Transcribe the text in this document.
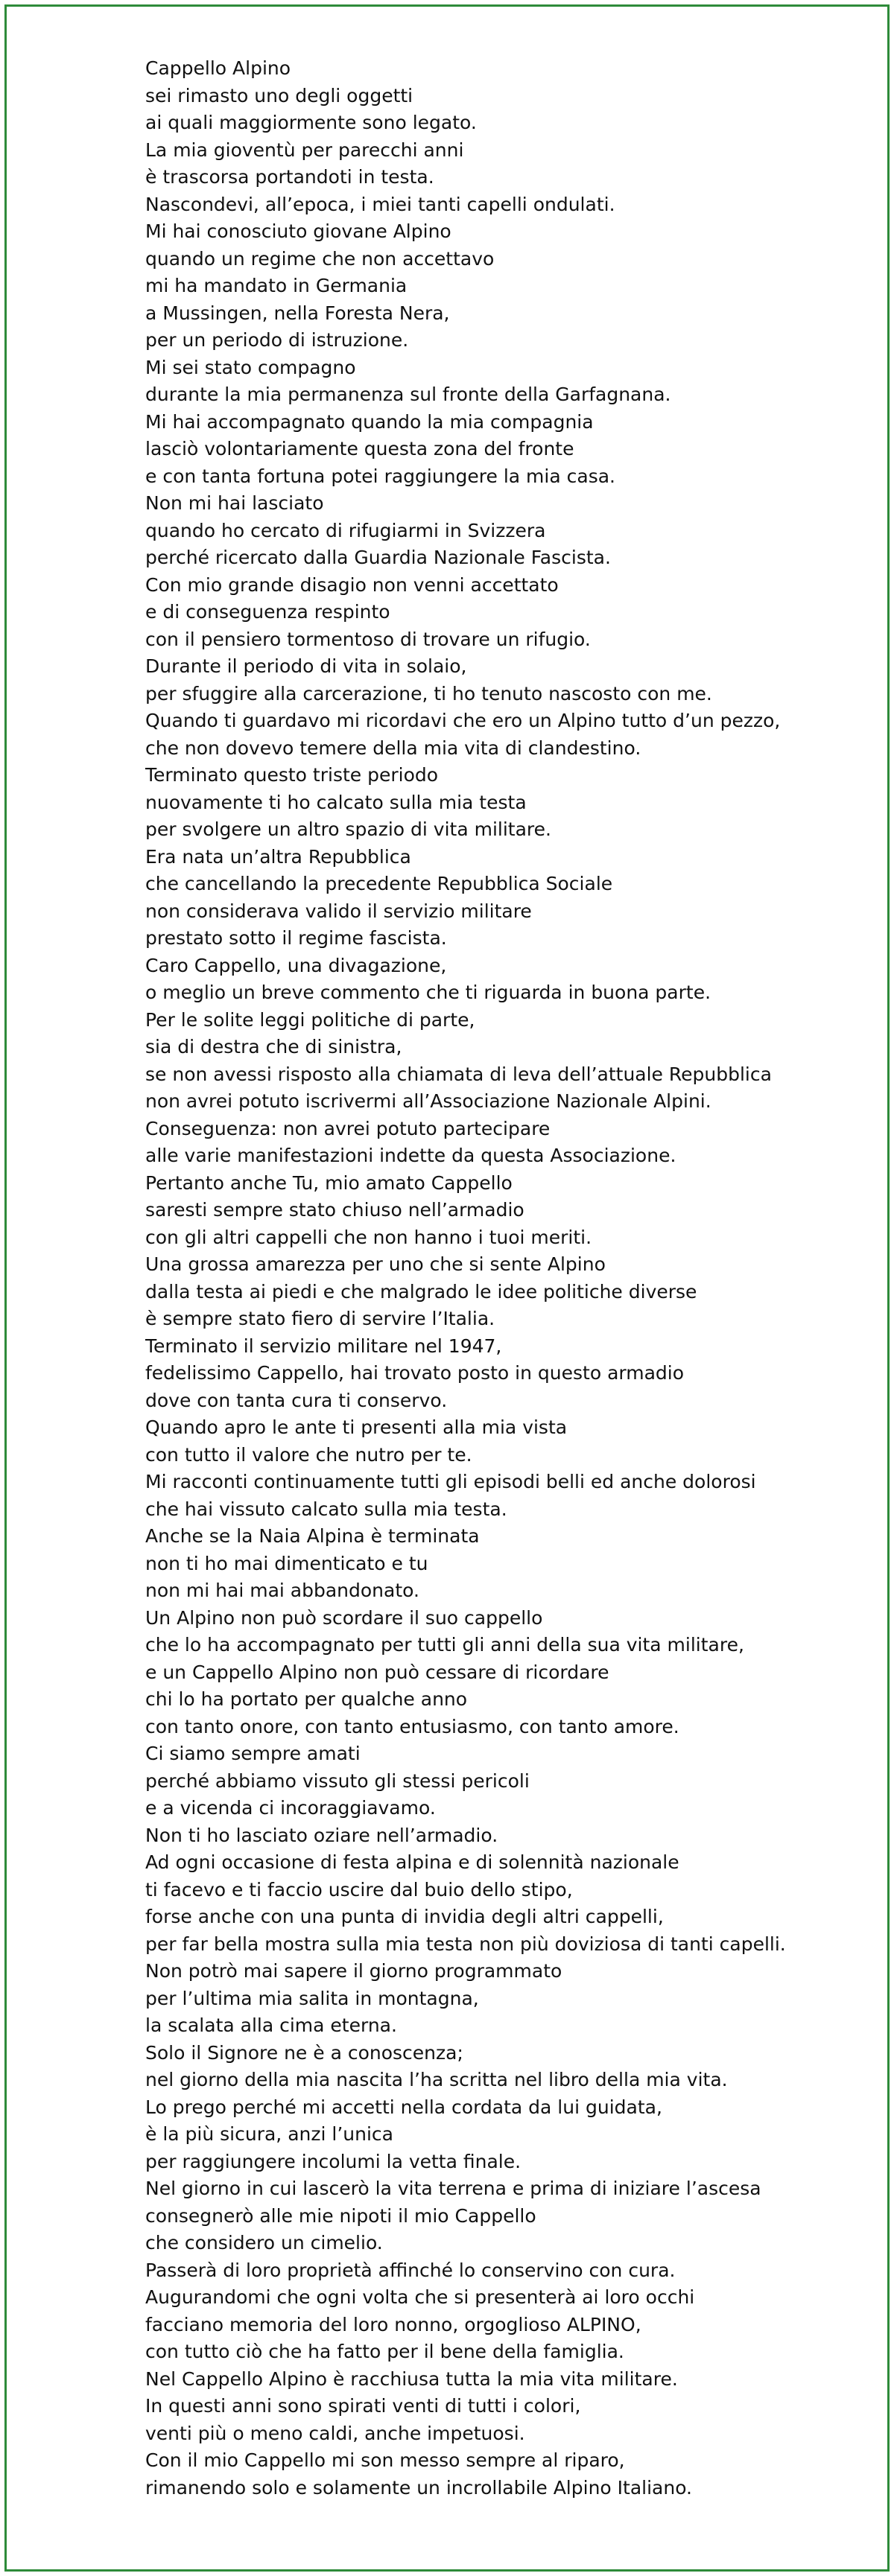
Cappello Alpino
sei rimasto uno degli oggetti
ai quali maggiormente sono legato.
La mia gioventù per parecchi anni
è trascorsa portandoti in testa.
Nascondevi, all’epoca, i miei tanti capelli ondulati.
Mi hai conosciuto giovane Alpino
quando un regime che non accettavo
mi ha mandato in Germania
a Mussingen, nella Foresta Nera,
per un periodo di istruzione.
Mi sei stato compagno
durante la mia permanenza sul fronte della Garfagnana.
Mi hai accompagnato quando la mia compagnia
lasciò volontariamente questa zona del fronte
e con tanta fortuna potei raggiungere la mia casa.
Non mi hai lasciato
quando ho cercato di rifugiarmi in Svizzera
perché ricercato dalla Guardia Nazionale Fascista.
Con mio grande disagio non venni accettato
e di conseguenza respinto
con il pensiero tormentoso di trovare un rifugio.
Durante il periodo di vita in solaio,
per sfuggire alla carcerazione, ti ho tenuto nascosto con me.
Quando ti guardavo mi ricordavi che ero un Alpino tutto d’un pezzo,
che non dovevo temere della mia vita di clandestino.
Terminato questo triste periodo
nuovamente ti ho calcato sulla mia testa
per svolgere un altro spazio di vita militare.
Era nata un’altra Repubblica
che cancellando la precedente Repubblica Sociale
non considerava valido il servizio militare
prestato sotto il regime fascista.
Caro Cappello, una divagazione,
o meglio un breve commento che ti riguarda in buona parte.
Per le solite leggi politiche di parte,
sia di destra che di sinistra,
se non avessi risposto alla chiamata di leva dell’attuale Repubblica
non avrei potuto iscrivermi all’Associazione Nazionale Alpini.
Conseguenza: non avrei potuto partecipare
alle varie manifestazioni indette da questa Associazione.
Pertanto anche Tu, mio amato Cappello
saresti sempre stato chiuso nell’armadio
con gli altri cappelli che non hanno i tuoi meriti.
Una grossa amarezza per uno che si sente Alpino
dalla testa ai piedi e che malgrado le idee politiche diverse
è sempre stato fiero di servire l’Italia.
Terminato il servizio militare nel 1947,
fedelissimo Cappello, hai trovato posto in questo armadio
dove con tanta cura ti conservo.
Quando apro le ante ti presenti alla mia vista
con tutto il valore che nutro per te.
Mi racconti continuamente tutti gli episodi belli ed anche dolorosi
che hai vissuto calcato sulla mia testa.
Anche se la Naia Alpina è terminata
non ti ho mai dimenticato e tu
non mi hai mai abbandonato.
Un Alpino non può scordare il suo cappello
che lo ha accompagnato per tutti gli anni della sua vita militare,
e un Cappello Alpino non può cessare di ricordare
chi lo ha portato per qualche anno
con tanto onore, con tanto entusiasmo, con tanto amore.
Ci siamo sempre amati
perché abbiamo vissuto gli stessi pericoli
e a vicenda ci incoraggiavamo.
Non ti ho lasciato oziare nell’armadio.
Ad ogni occasione di festa alpina e di solennità nazionale
ti facevo e ti faccio uscire dal buio dello stipo,
forse anche con una punta di invidia degli altri cappelli,
per far bella mostra sulla mia testa non più doviziosa di tanti capelli.
Non potrò mai sapere il giorno programmato
per l’ultima mia salita in montagna,
la scalata alla cima eterna.
Solo il Signore ne è a conoscenza;
nel giorno della mia nascita l’ha scritta nel libro della mia vita.
Lo prego perché mi accetti nella cordata da lui guidata,
è la più sicura, anzi l’unica
per raggiungere incolumi la vetta finale.
Nel giorno in cui lascerò la vita terrena e prima di iniziare l’ascesa
consegnerò alle mie nipoti il mio Cappello
che considero un cimelio.
Passerà di loro proprietà affinché lo conservino con cura.
Augurandomi che ogni volta che si presenterà ai loro occhi
facciano memoria del loro nonno, orgoglioso ALPINO,
con tutto ciò che ha fatto per il bene della famiglia.
Nel Cappello Alpino è racchiusa tutta la mia vita militare.
In questi anni sono spirati venti di tutti i colori,
venti più o meno caldi, anche impetuosi.
Con il mio Cappello mi son messo sempre al riparo,
rimanendo solo e solamente un incrollabile Alpino Italiano.
